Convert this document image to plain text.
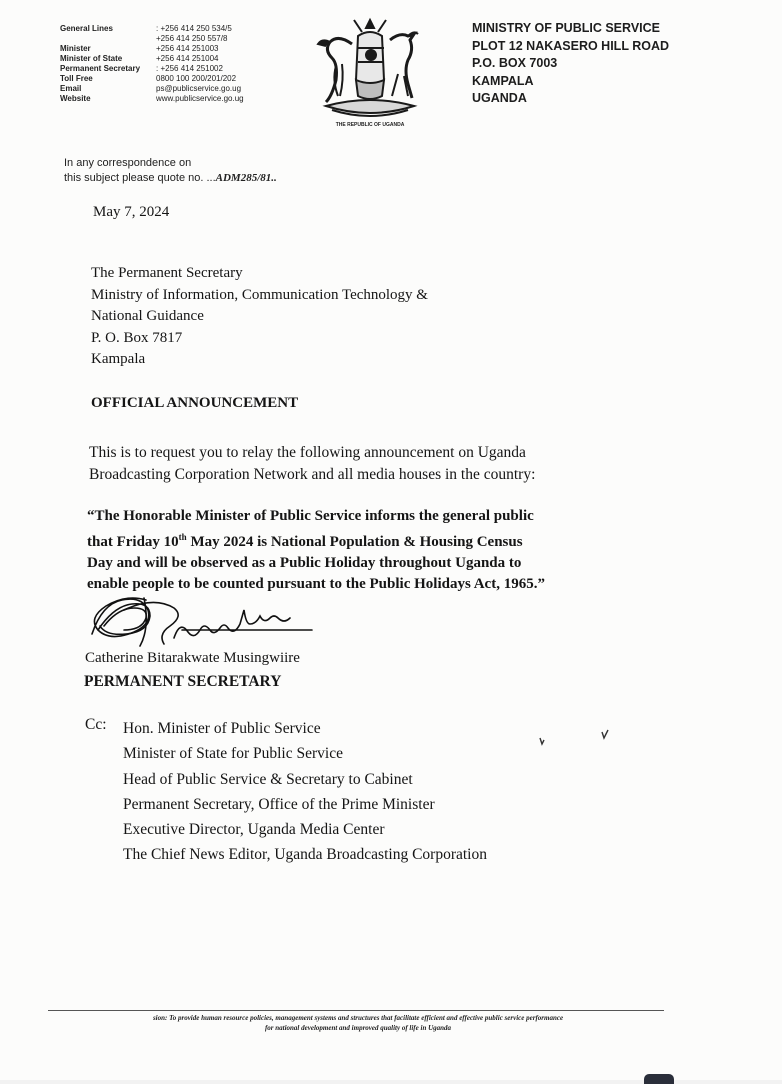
General Lines	: +256 414 250 534/5
+256 414 250 557/8
Minister	+256 414 251003
Minister of State	+256 414 251004
Permanent Secretary	: +256 414 251002
Toll Free	0800 100 200/201/202
Email	ps@publicservice.go.ug
Website	www.publicservice.go.ug
THE REPUBLIC OF UGANDA
MINISTRY OF PUBLIC SERVICE
PLOT 12 NAKASERO HILL ROAD
P.O. BOX 7003
KAMPALA
UGANDA
In any correspondence on
this subject please quote no. ...ADM285/81..
May 7, 2024
The Permanent Secretary
Ministry of Information, Communication Technology &
National Guidance
P. O. Box 7817
Kampala
OFFICIAL ANNOUNCEMENT
This is to request you to relay the following announcement on Uganda
Broadcasting Corporation Network and all media houses in the country:
“The Honorable Minister of Public Service informs the general public
that Friday 10th May 2024 is National Population & Housing Census
Day and will be observed as a Public Holiday throughout Uganda to
enable people to be counted pursuant to the Public Holidays Act, 1965.”
Catherine Bitarakwate Musingwiire
PERMANENT SECRETARY
Cc: Hon. Minister of Public Service
Minister of State for Public Service
Head of Public Service & Secretary to Cabinet
Permanent Secretary, Office of the Prime Minister
Executive Director, Uganda Media Center
The Chief News Editor, Uganda Broadcasting Corporation
sion: To provide human resource policies, management systems and structures that facilitate efficient and effective public service performance
for national development and improved quality of life in Uganda
